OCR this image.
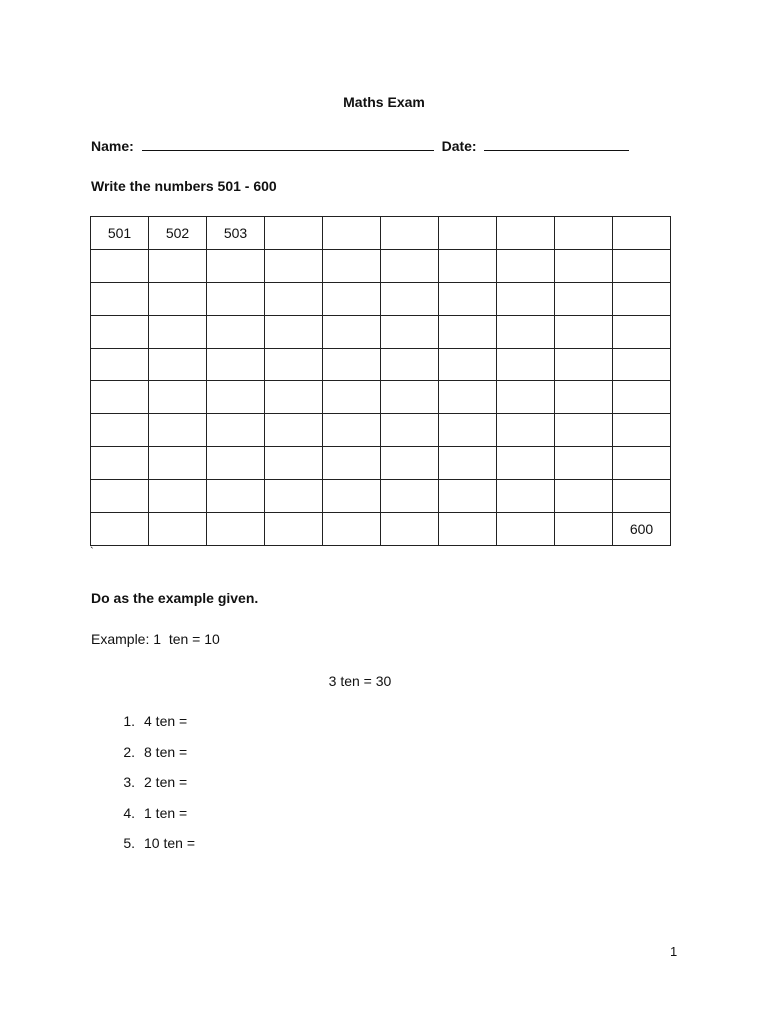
Maths Exam
Name:	Date:
Write the numbers 501 - 600
501	502	503							

									600
`
Do as the example given.
Example: 1  ten = 10
3 ten = 30
1. 4 ten =
2. 8 ten =
3. 2 ten =
4. 1 ten =
5. 10 ten =
1
